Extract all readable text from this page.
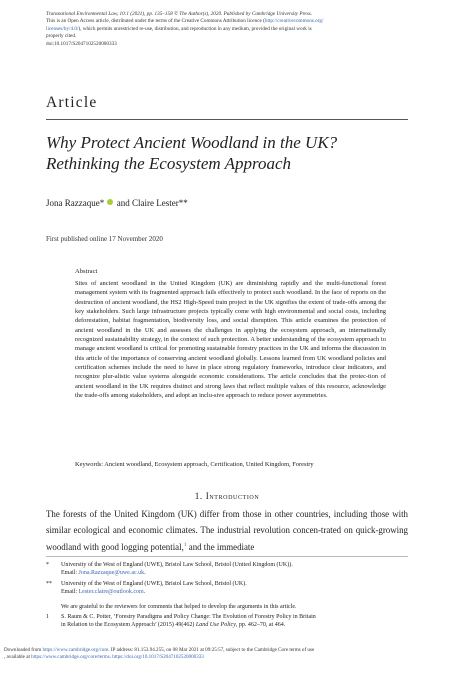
Transnational Environmental Law, 10:1 (2021), pp. 135–158 © The Author(s), 2020. Published by Cambridge University Press.
This is an Open Access article, distributed under the terms of the Creative Commons Attribution licence (http://creativecommons.org/
licenses/by/4.0/), which permits unrestricted re-use, distribution, and reproduction in any medium, provided the original work is
properly cited.
doi:10.1017/S2047102520000333
Article
Why Protect Ancient Woodland in the UK?
Rethinking the Ecosystem Approach
Jona Razzaque* and Claire Lester**
First published online 17 November 2020
Abstract
Sites of ancient woodland in the United Kingdom (UK) are diminishing rapidly and the multi-functional forest management system with its fragmented approach fails effectively to protect such woodland. In the face of reports on the destruction of ancient woodland, the HS2 High-Speed train project in the UK signifies the extent of trade-offs among the key stakeholders. Such large infrastructure projects typically come with high environmental and social costs, including deforestation, habitat fragmentation, biodiversity loss, and social disruption. This article examines the protection of ancient woodland in the UK and assesses the challenges in applying the ecosystem approach, an internationally recognized sustainability strategy, in the context of such protection. A better understanding of the ecosystem approach to manage ancient woodland is critical for promoting sustainable forestry practices in the UK and informs the discussion in this article of the importance of conserving ancient woodland globally. Lessons learned from UK woodland policies and certification schemes include the need to have in place strong regulatory frameworks, introduce clear indicators, and recognize plur-alistic value systems alongside economic considerations. The article concludes that the protec-tion of ancient woodland in the UK requires distinct and strong laws that reflect multiple values of this resource, acknowledge the trade-offs among stakeholders, and adopt an inclu-sive approach to reduce power asymmetries.
Keywords: Ancient woodland, Ecosystem approach, Certification, United Kingdom, Forestry
1. Introduction
The forests of the United Kingdom (UK) differ from those in other countries, including those with similar ecological and economic climates. The industrial revolution concen-trated on quick-growing woodland with good logging potential,$^1$ and the immediate
*	University of the West of England (UWE), Bristol Law School, Bristol (United Kingdom (UK)).
Email: Jona.Razzaque@uwe.ac.uk.
**	University of the West of England (UWE), Bristol Law School, Bristol (UK).
Email: Lester.claire@outlook.com.
We are grateful to the reviewers for comments that helped to develop the arguments in this article.
1	S. Raum & C. Potter, ‘Forestry Paradigms and Policy Change: The Evolution of Forestry Policy in Britain
in Relation to the Ecosystem Approach’ (2015) 49(462) Land Use Policy, pp. 462–70, at 464.
Downloaded from https://www.cambridge.org/core. IP address: 81.153.94.255, on 08 Mar 2021 at 09:25:57, subject to the Cambridge Core terms of use
, available at https://www.cambridge.org/core/terms. https://doi.org/10.1017/S2047102520000333
